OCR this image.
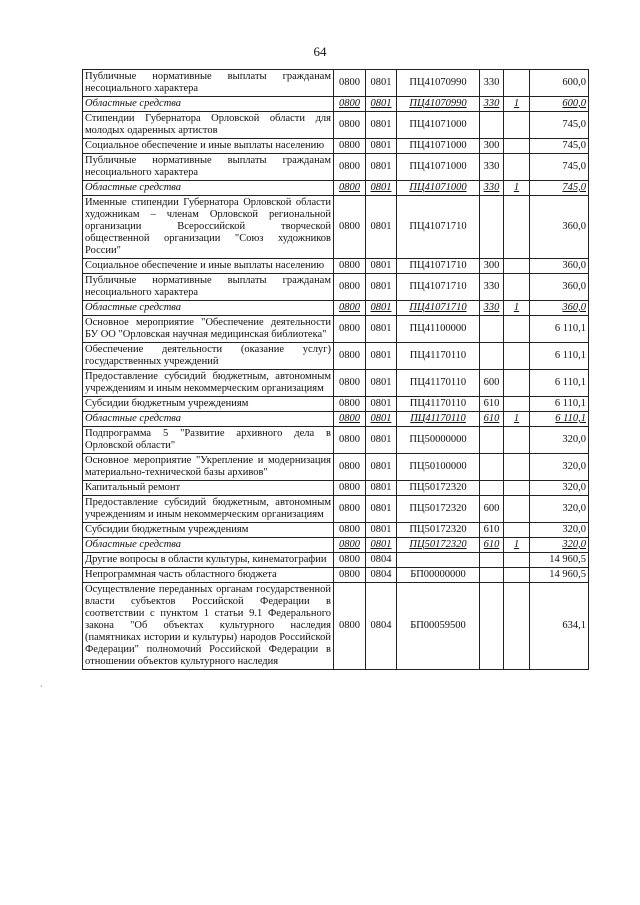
64
Публичные нормативные выплаты гражданам несоциального характера	0800	0801	ПЦ41070990	330		600,0
Областные средства	0800	0801	ПЦ41070990	330	1	600,0
Стипендии Губернатора Орловской области для молодых одаренных артистов	0800	0801	ПЦ41071000			745,0
Социальное обеспечение и иные выплаты населению	0800	0801	ПЦ41071000	300		745,0
Публичные нормативные выплаты гражданам несоциального характера	0800	0801	ПЦ41071000	330		745,0
Областные средства	0800	0801	ПЦ41071000	330	1	745,0
Именные стипендии Губернатора Орловской области художникам – членам Орловской региональной организации Всероссийской творческой общественной организации "Союз художников России"	0800	0801	ПЦ41071710			360,0
Социальное обеспечение и иные выплаты населению	0800	0801	ПЦ41071710	300		360,0
Публичные нормативные выплаты гражданам несоциального характера	0800	0801	ПЦ41071710	330		360,0
Областные средства	0800	0801	ПЦ41071710	330	1	360,0
Основное мероприятие "Обеспечение деятельности БУ ОО "Орловская научная медицинская библиотека"	0800	0801	ПЦ41100000			6 110,1
Обеспечение деятельности (оказание услуг) государственных учреждений	0800	0801	ПЦ41170110			6 110,1
Предоставление субсидий бюджетным, автономным учреждениям и иным некоммерческим организациям	0800	0801	ПЦ41170110	600		6 110,1
Субсидии бюджетным учреждениям	0800	0801	ПЦ41170110	610		6 110,1
Областные средства	0800	0801	ПЦ41170110	610	1	6 110,1
Подпрограмма 5 "Развитие архивного дела в Орловской области"	0800	0801	ПЦ50000000			320,0
Основное мероприятие "Укрепление и модернизация материально-технической базы архивов"	0800	0801	ПЦ50100000			320,0
Капитальный ремонт	0800	0801	ПЦ50172320			320,0
Предоставление субсидий бюджетным, автономным учреждениям и иным некоммерческим организациям	0800	0801	ПЦ50172320	600		320,0
Субсидии бюджетным учреждениям	0800	0801	ПЦ50172320	610		320,0
Областные средства	0800	0801	ПЦ50172320	610	1	320,0
Другие вопросы в области культуры, кинематографии	0800	0804				14 960,5
Непрограммная часть областного бюджета	0800	0804	БП00000000			14 960,5
Осуществление переданных органам государственной власти субъектов Российской Федерации в соответствии с пунктом 1 статьи 9.1 Федерального закона "Об объектах культурного наследия (памятниках истории и культуры) народов Российской Федерации" полномочий Российской Федерации в отношении объектов культурного наследия	0800	0804	БП00059500			634,1
·
